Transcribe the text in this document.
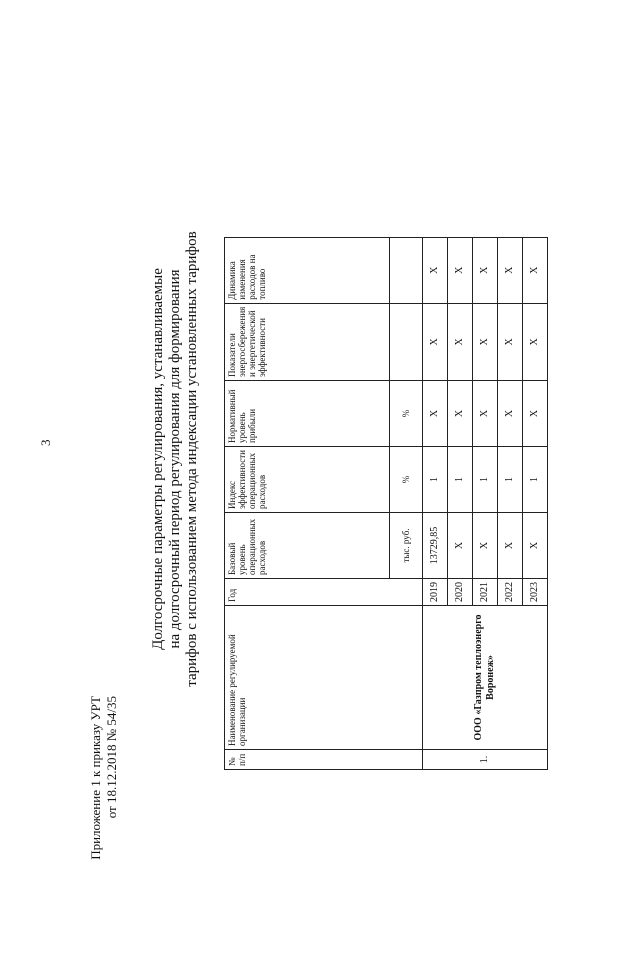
3
Приложение 1 к приказу УРТ от 18.12.2018 № 54/35
Долгосрочные параметры регулирования, устанавливаемые на долгосрочный период регулирования для формирования тарифов с использованием метода индексации установленных тарифов
№ п/п	Наименование регулируемой организации	Год	Базовый уровень операционных расходов	Индекс эффективности операционных расходов	Нормативный уровень прибыли	Показатели энергосбережения и энергетической эффективности	Динамика изменения расходов на топливо
			тыс. руб.	%	%		
1.	ООО «Газпром теплоэнерго Воронеж»	2019	13729,85	1	X	X	X
		2020	X	1	X	X	X
		2021	X	1	X	X	X
		2022	X	1	X	X	X
		2023	X	1	X	X	X
